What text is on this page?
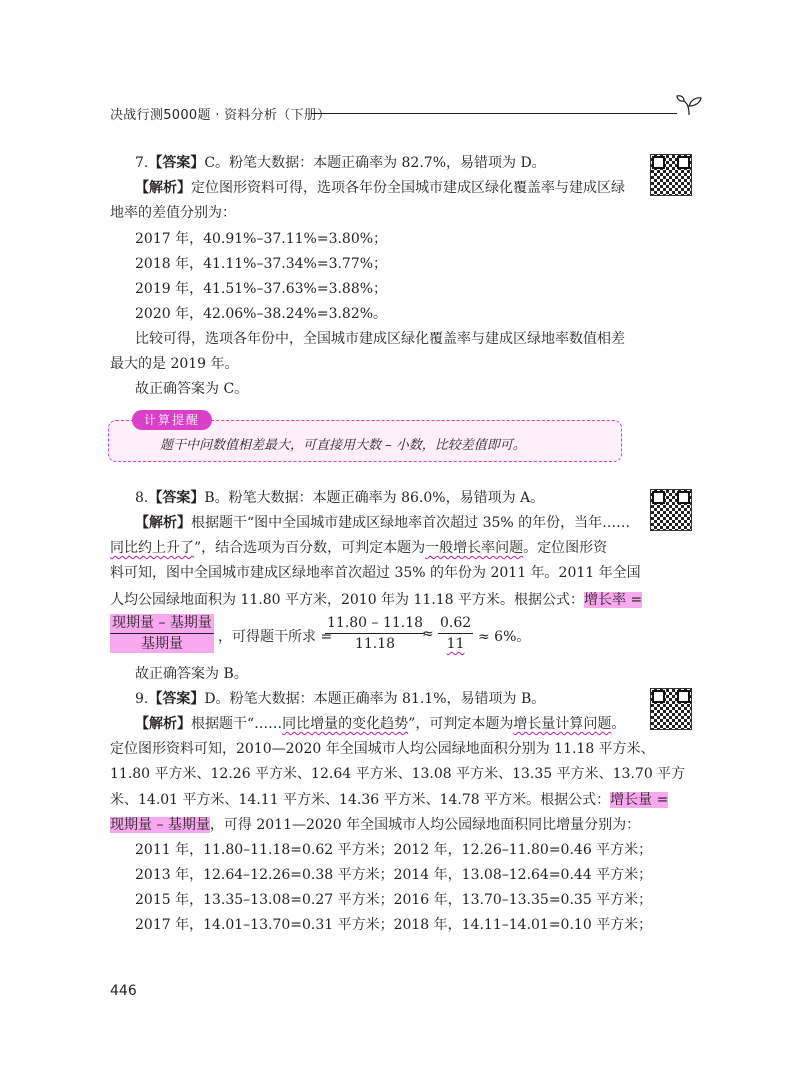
决战行测5000题 · 资料分析（下册）
7.【答案】C。粉笔大数据：本题正确率为 82.7%，易错项为 D。
【解析】定位图形资料可得，选项各年份全国城市建成区绿化覆盖率与建成区绿
地率的差值分别为：
2017 年，40.91%–37.11%=3.80%；
2018 年，41.11%–37.34%=3.77%；
2019 年，41.51%–37.63%=3.88%；
2020 年，42.06%–38.24%=3.82%。
比较可得，选项各年份中，全国城市建成区绿化覆盖率与建成区绿地率数值相差
最大的是 2019 年。
故正确答案为 C。
计算提醒
题干中问数值相差最大，可直接用大数 – 小数，比较差值即可。
8.【答案】B。粉笔大数据：本题正确率为 86.0%，易错项为 A。
【解析】根据题干“图中全国城市建成区绿地率首次超过 35% 的年份，当年……
同比约上升了”，结合选项为百分数，可判定本题为一般增长率问题。定位图形资
料可知，图中全国城市建成区绿地率首次超过 35% 的年份为 2011 年。2011 年全国
人均公园绿地面积为 11.80 平方米，2010 年为 11.18 平方米。根据公式：增长率 =
现期量 – 基期量
基期量	，可得题干所求 =
11.80 – 11.18
11.18
≈
0.62
11 ≈ 6%。
故正确答案为 B。
9.【答案】D。粉笔大数据：本题正确率为 81.1%，易错项为 B。
【解析】根据题干“……同比增量的变化趋势”，可判定本题为增长量计算问题。
定位图形资料可知，2010—2020 年全国城市人均公园绿地面积分别为 11.18 平方米、
11.80 平方米、12.26 平方米、12.64 平方米、13.08 平方米、13.35 平方米、13.70 平方
米、14.01 平方米、14.11 平方米、14.36 平方米、14.78 平方米。根据公式：增长量 =
现期量 – 基期量，可得 2011—2020 年全国城市人均公园绿地面积同比增量分别为：
2011 年，11.80–11.18=0.62 平方米；2012 年，12.26–11.80=0.46 平方米；
2013 年，12.64–12.26=0.38 平方米；2014 年，13.08–12.64=0.44 平方米；
2015 年，13.35–13.08=0.27 平方米；2016 年，13.70–13.35=0.35 平方米；
2017 年，14.01–13.70=0.31 平方米；2018 年，14.11–14.01=0.10 平方米；
446
